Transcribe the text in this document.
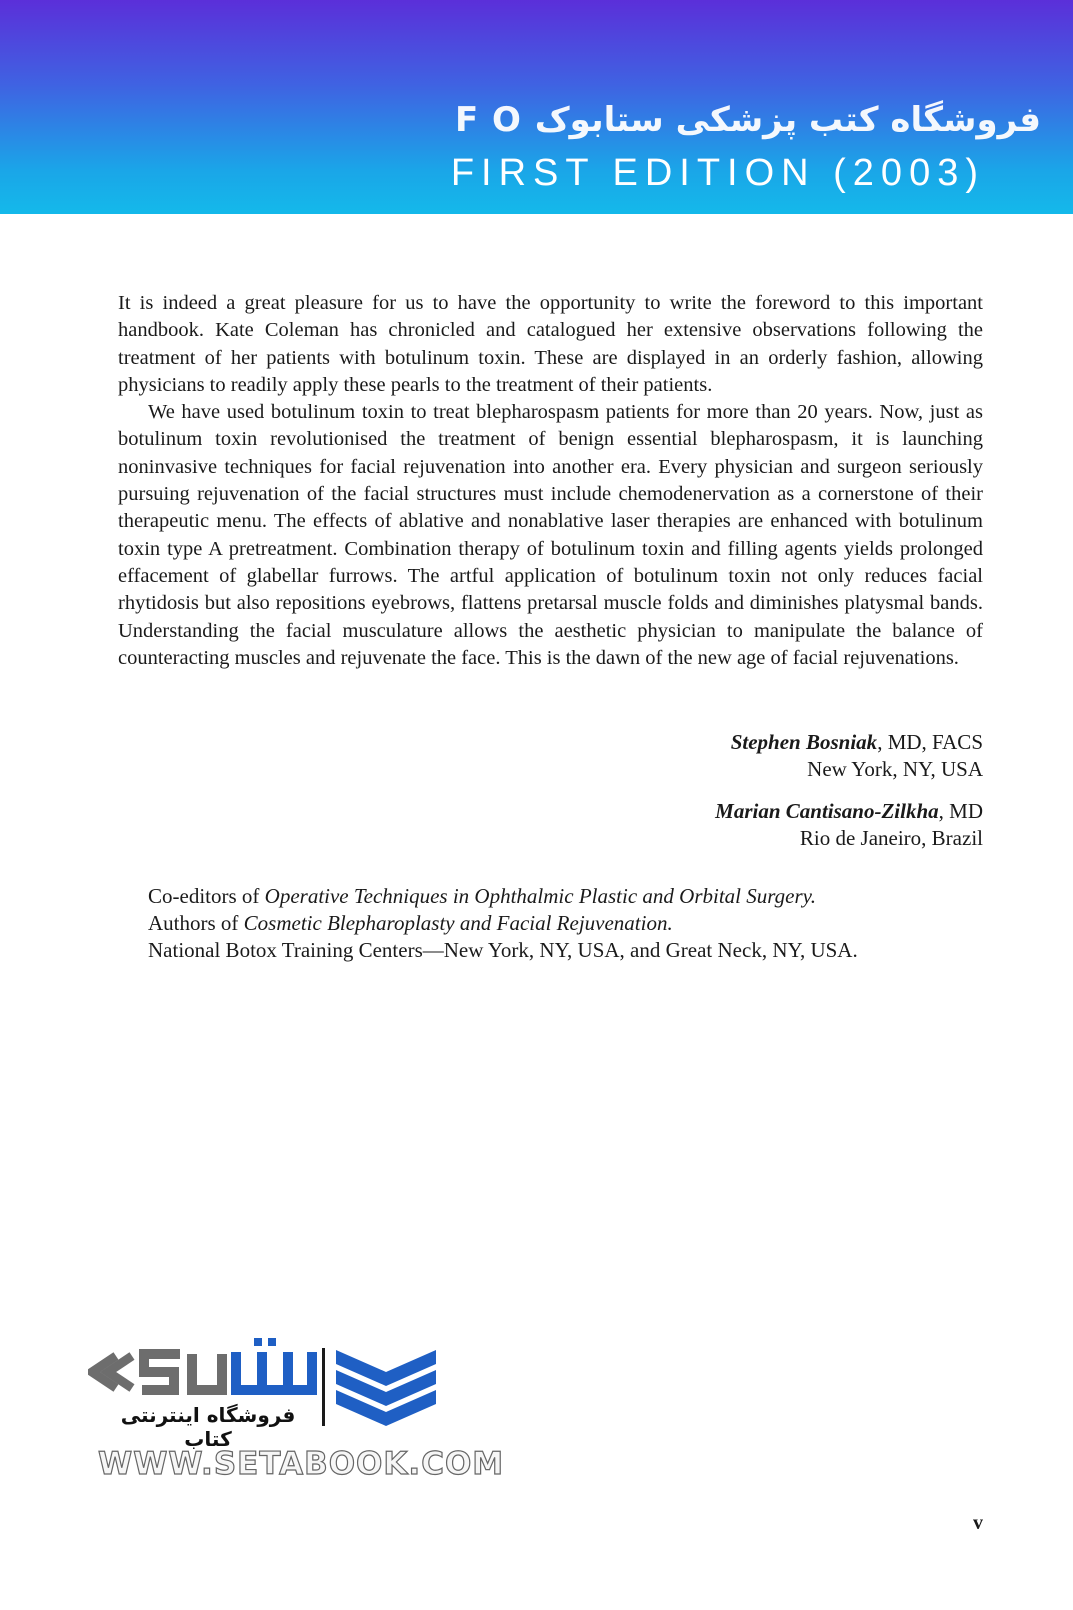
F O فروشگاه کتب پزشکی ستابوک
FIRST EDITION (2003)

It is indeed a great pleasure for us to have the opportunity to write the foreword to this important handbook. Kate Coleman has chronicled and catalogued her extensive observations following the treatment of her patients with botulinum toxin. These are displayed in an orderly fashion, allowing physicians to readily apply these pearls to the treatment of their patients.

We have used botulinum toxin to treat blepharospasm patients for more than 20 years. Now, just as botulinum toxin revolutionised the treatment of benign essential blepharospasm, it is launching noninvasive techniques for facial rejuvenation into another era. Every physician and surgeon seriously pursuing rejuvenation of the facial structures must include chemodenervation as a cornerstone of their therapeutic menu. The effects of ablative and nonablative laser therapies are enhanced with botulinum toxin type A pretreatment. Combination therapy of botulinum toxin and filling agents yields prolonged effacement of glabellar furrows. The artful application of botulinum toxin not only reduces facial rhytidosis but also repositions eyebrows, flattens pretarsal muscle folds and diminishes platysmal bands. Understanding the facial musculature allows the aesthetic physician to manipulate the balance of counteracting muscles and rejuvenate the face. This is the dawn of the new age of facial rejuvenations.

Stephen Bosniak, MD, FACS
New York, NY, USA
Marian Cantisano-Zilkha, MD
Rio de Janeiro, Brazil
Co-editors of Operative Techniques in Ophthalmic Plastic and Orbital Surgery.
Authors of Cosmetic Blepharoplasty and Facial Rejuvenation.
National Botox Training Centers—New York, NY, USA, and Great Neck, NY, USA.
فروشگاه اینترنتی کتاب
WWW.SETABOOK.COM
v
